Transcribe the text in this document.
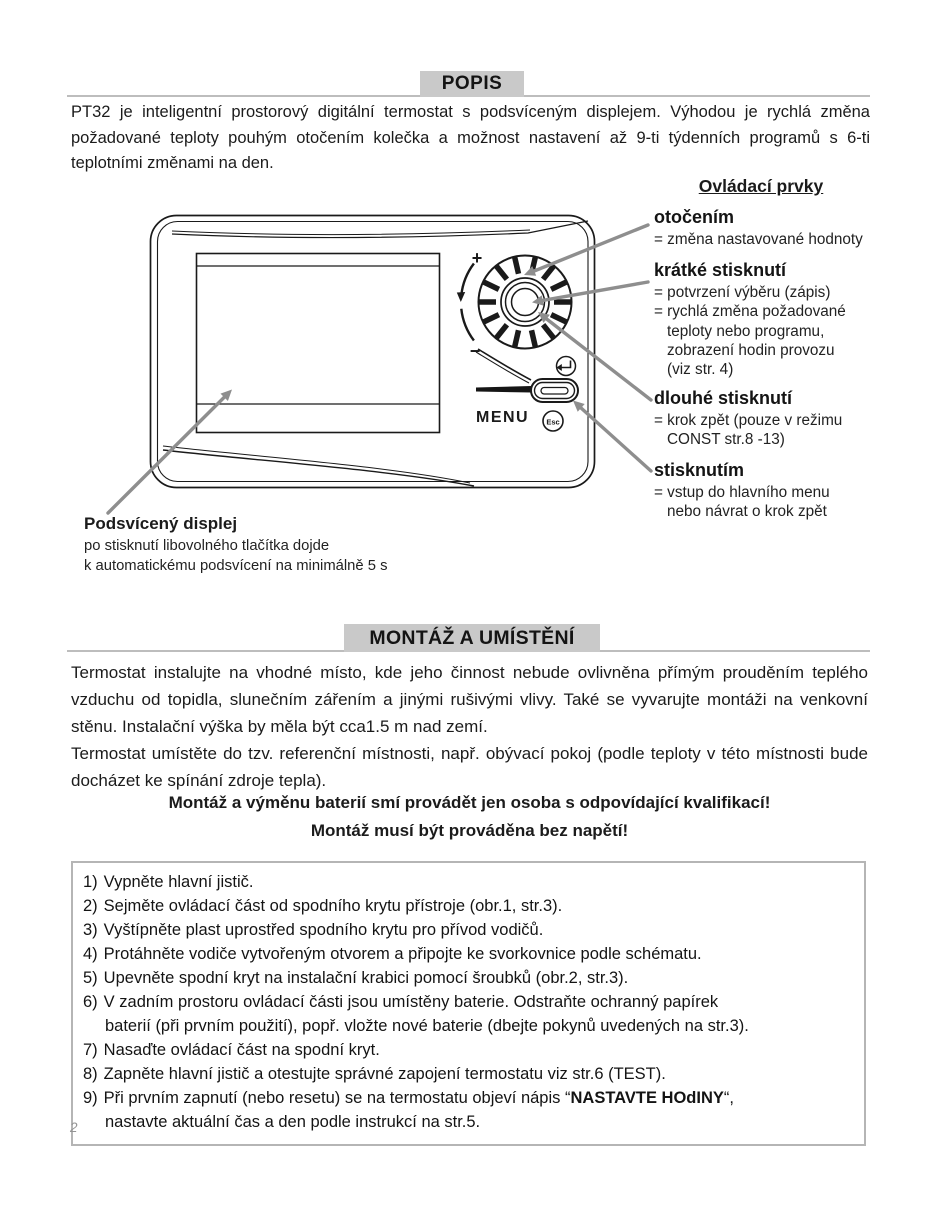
+
−
Esc
POPIS
PT32 je inteligentní prostorový digitální termostat s podsvíceným displejem. Výhodou je rychlá změna požadované teploty pouhým otočením kolečka a možnost nastavení až 9-ti týdenních programů s 6-ti teplotními změnami na den.
Ovládací prvky
otočením
= změna nastavované hodnoty
krátké stisknutí
= potvrzení výběru (zápis)
= rychlá změna požadované
teploty nebo programu,
zobrazení hodin provozu
(viz str. 4)
dlouhé stisknutí
= krok zpět (pouze v režimu
CONST str.8 -13)
stisknutím
= vstup do hlavního menu
nebo návrat o krok zpět
Podsvícený displej
po stisknutí libovolného tlačítka dojde
k automatickému podsvícení na minimálně 5 s
MENU
MONTÁŽ A UMÍSTĚNÍ

Termostat instalujte na vhodné místo, kde jeho činnost nebude ovlivněna přímým prouděním teplého vzduchu od topidla, slunečním zářením a jinými rušivými vlivy. Také se vyvarujte montáži na venkovní stěnu. Instalační výška by měla být cca1.5 m nad zemí.

Termostat umístěte do tzv. referenční místnosti, např. obývací pokoj (podle teploty v této místnosti bude docházet ke spínání zdroje tepla).

Montáž a výměnu baterií smí provádět jen osoba s odpovídající kvalifikací!
Montáž musí být prováděna bez napětí!
1) Vypněte hlavní jistič.
2) Sejměte ovládací část od spodního krytu přístroje (obr.1, str.3).
3) Vyštípněte plast uprostřed spodního krytu pro přívod vodičů.
4) Protáhněte vodiče vytvořeným otvorem a připojte ke svorkovnice podle schématu.
5) Upevněte spodní kryt na instalační krabici pomocí šroubků (obr.2, str.3).
6) V zadním prostoru ovládací části jsou umístěny baterie. Odstraňte ochranný papírek
baterií (při prvním použití), popř. vložte nové baterie (dbejte pokynů uvedených na str.3).
7) Nasaďte ovládací část na spodní kryt.
8) Zapněte hlavní jistič a otestujte správné zapojení termostatu viz str.6 (TEST).
9) Při prvním zapnutí (nebo resetu) se na termostatu objeví nápis “NASTAVTE HOdINY“,
nastavte aktuální čas a den podle instrukcí na str.5.
2
